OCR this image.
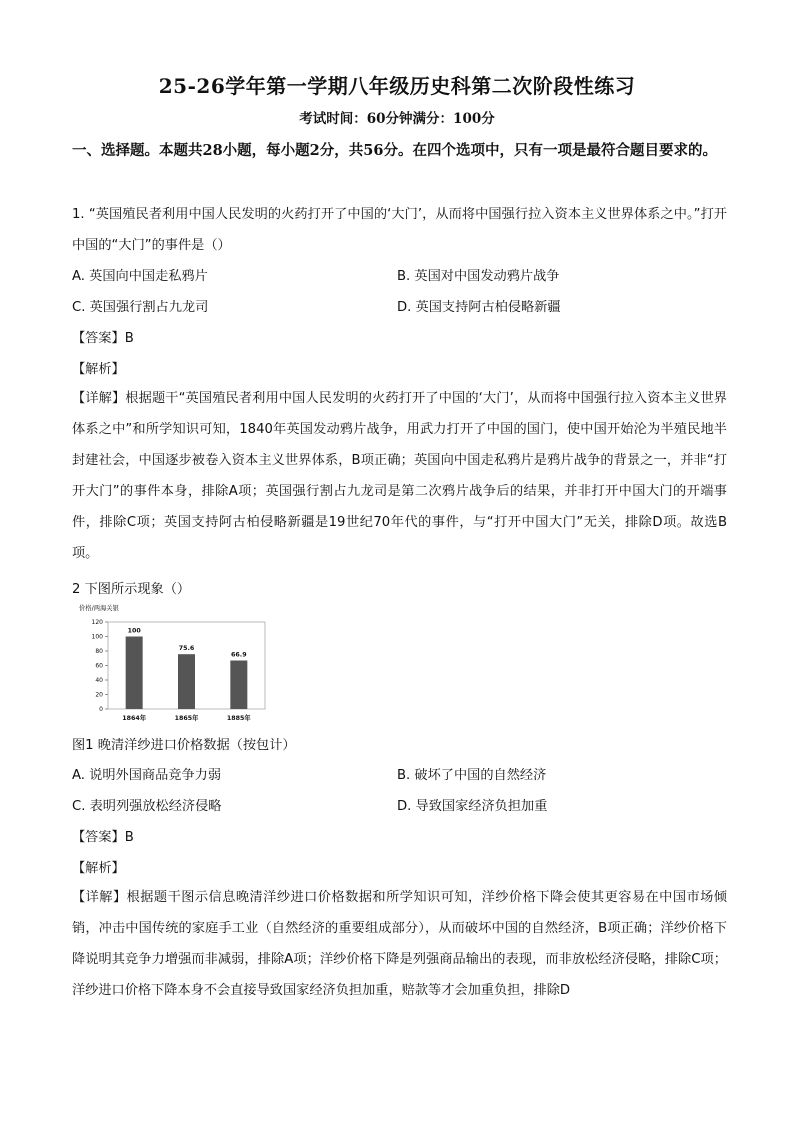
25-26学年第一学期八年级历史科第二次阶段性练习
考试时间：60分钟满分：100分
一、选择题。本题共28小题，每小题2分，共56分。在四个选项中，只有一项是最符合题目要求的。
1. “英国殖民者利用中国人民发明的火药打开了中国的‘大门’，从而将中国强行拉入资本主义世界体系之中。”打开中国的“大门”的事件是（）
A. 英国向中国走私鸦片	B. 英国对中国发动鸦片战争
C. 英国强行割占九龙司	D. 英国支持阿古柏侵略新疆
【答案】B
【解析】
【详解】根据题干“英国殖民者利用中国人民发明的火药打开了中国的‘大门’，从而将中国强行拉入资本主义世界体系之中”和所学知识可知，1840年英国发动鸦片战争，用武力打开了中国的国门，使中国开始沦为半殖民地半封建社会，中国逐步被卷入资本主义世界体系，B项正确；英国向中国走私鸦片是鸦片战争的背景之一，并非“打开大门”的事件本身，排除A项；英国强行割占九龙司是第二次鸦片战争后的结果，并非打开中国大门的开端事件，排除C项；英国支持阿古柏侵略新疆是19世纪70年代的事件，与“打开中国大门”无关，排除D项。故选B项。
2 下图所示现象（）
价格/两海关银
0
20
40
60
80
100
120
100
1864年
75.6
1865年
66.9
1885年
图1 晚清洋纱进口价格数据（按包计）
A. 说明外国商品竞争力弱	B. 破坏了中国的自然经济
C. 表明列强放松经济侵略	D. 导致国家经济负担加重
【答案】B
【解析】
【详解】根据题干图示信息晚清洋纱进口价格数据和所学知识可知，洋纱价格下降会使其更容易在中国市场倾销，冲击中国传统的家庭手工业（自然经济的重要组成部分），从而破坏中国的自然经济，B项正确；洋纱价格下降说明其竞争力增强而非减弱，排除A项；洋纱价格下降是列强商品输出的表现，而非放松经济侵略，排除C项；洋纱进口价格下降本身不会直接导致国家经济负担加重，赔款等才会加重负担，排除D
